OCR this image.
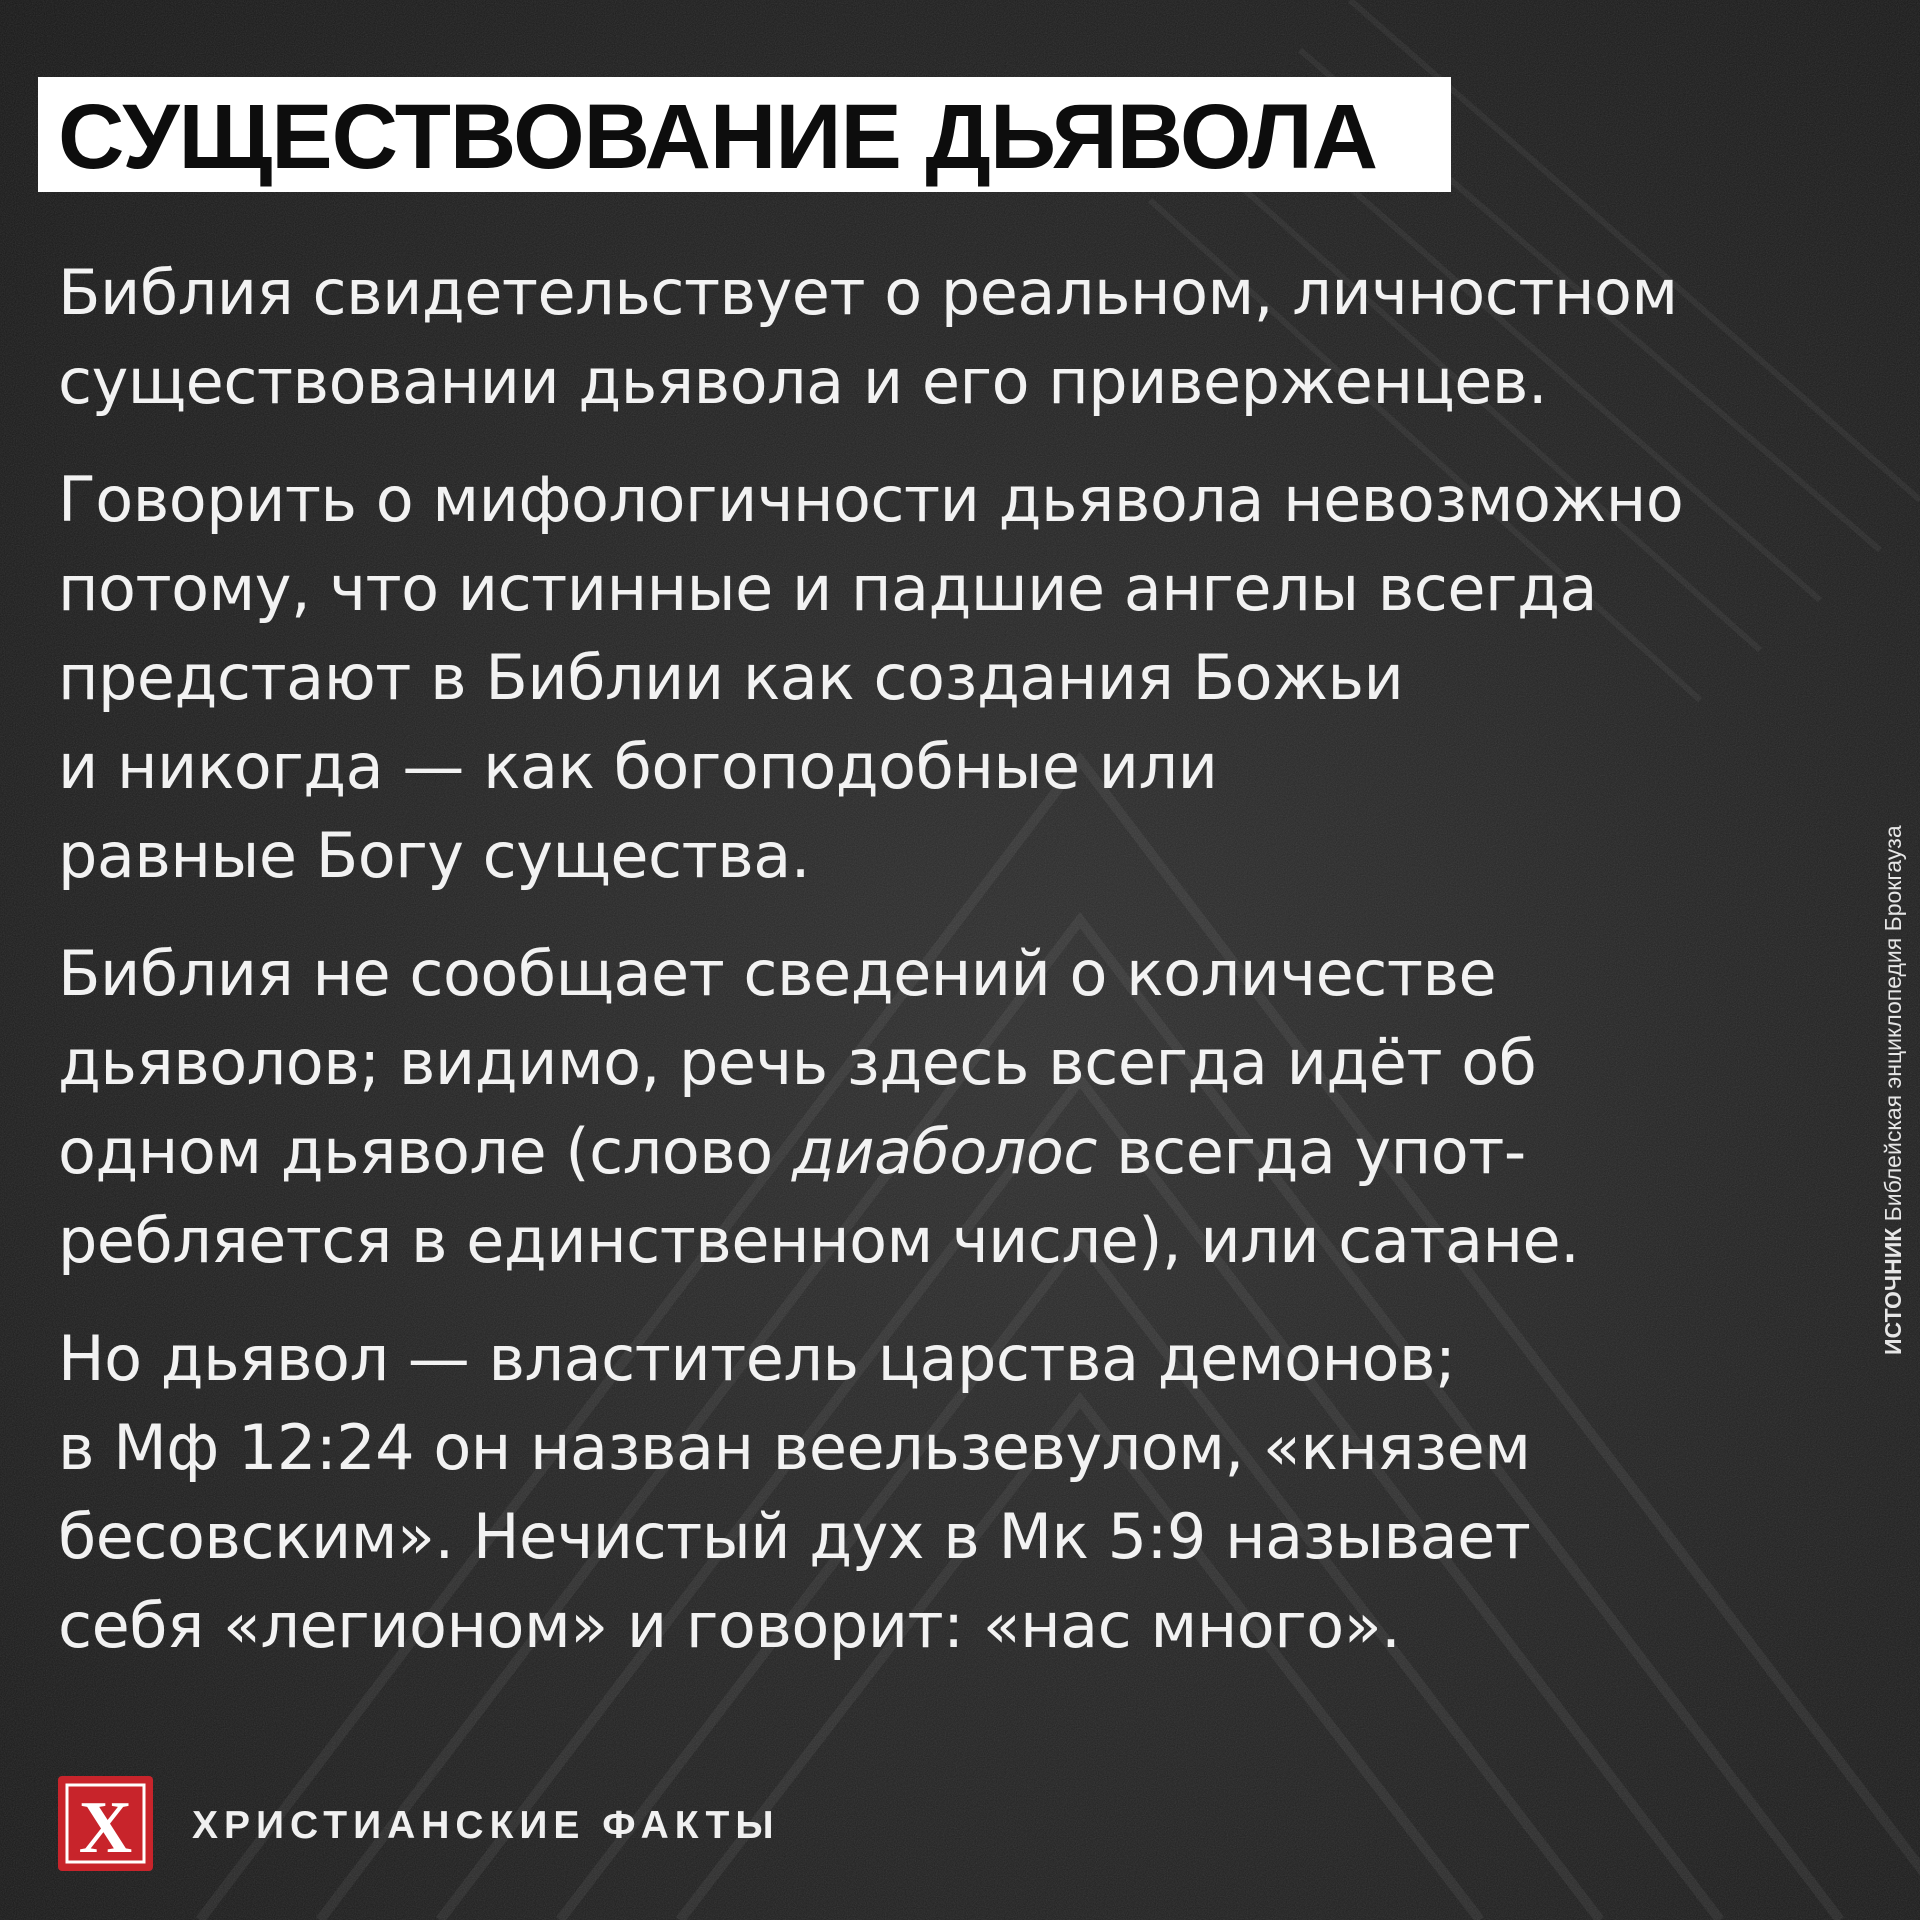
СУЩЕСТВОВАНИЕ ДЬЯВОЛА

Библия свидетельствует о реальном, личностном
существовании дьявола и его приверженцев.

Говорить о мифологичности дьявола невозможно
потому, что истинные и падшие ангелы всегда
предстают в Библии как создания Божьи
и никогда — как богоподобные или
равные Богу существа.

Библия не сообщает сведений о количестве
дьяволов; видимо, речь здесь всегда идёт об
одном дьяволе (слово диаболос всегда упот-
ребляется в единственном числе), или сатане.

Но дьявол — властитель царства демонов;
в Мф 12:24 он назван веельзевулом, «князем
бесовским». Нечистый дух в Мк 5:9 называет
себя «легионом» и говорит: «нас много».

ИСТОЧНИК Библейская энциклопедия Брокгауза
X ХРИСТИАНСКИЕ ФАКТЫ
